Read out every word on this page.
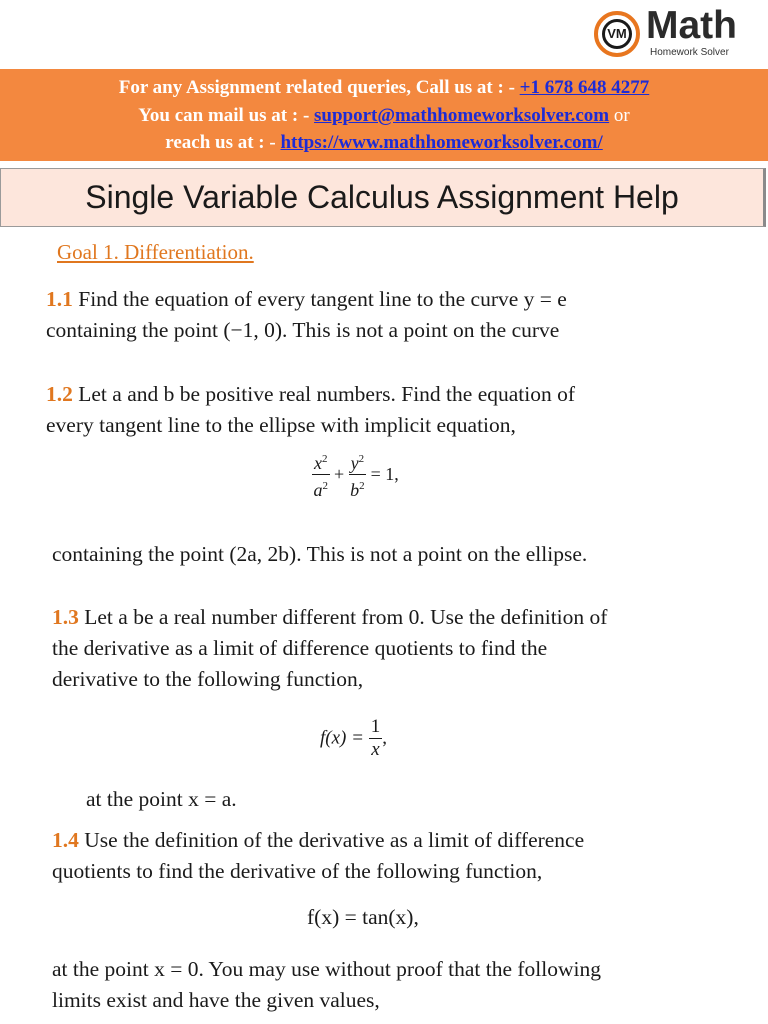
VM Math
Homework Solver
For any Assignment related queries, Call us at : - +1 678 648 4277
You can mail us at : - support@mathhomeworksolver.com or
reach us at : - https://www.mathhomeworksolver.com/
Single Variable Calculus Assignment Help
Goal 1. Differentiation.
1.1 Find the equation of every tangent line to the curve y = e
containing the point (−1, 0). This is not a point on the curve
1.2 Let a and b be positive real numbers. Find the equation of
every tangent line to the ellipse with implicit equation,
$\frac{x^2}{a^2} + \frac{y^2}{b^2} = 1$,
containing the point (2a, 2b). This is not a point on the ellipse.
1.3 Let a be a real number different from 0. Use the definition of
the derivative as a limit of difference quotients to find the
derivative to the following function,
$f(x) = \frac{1}{x}$ ,
at the point x = a.
1.4 Use the definition of the derivative as a limit of difference
quotients to find the derivative of the following function,
f(x) = tan(x),
at the point x = 0. You may use without proof that the following
limits exist and have the given values,
